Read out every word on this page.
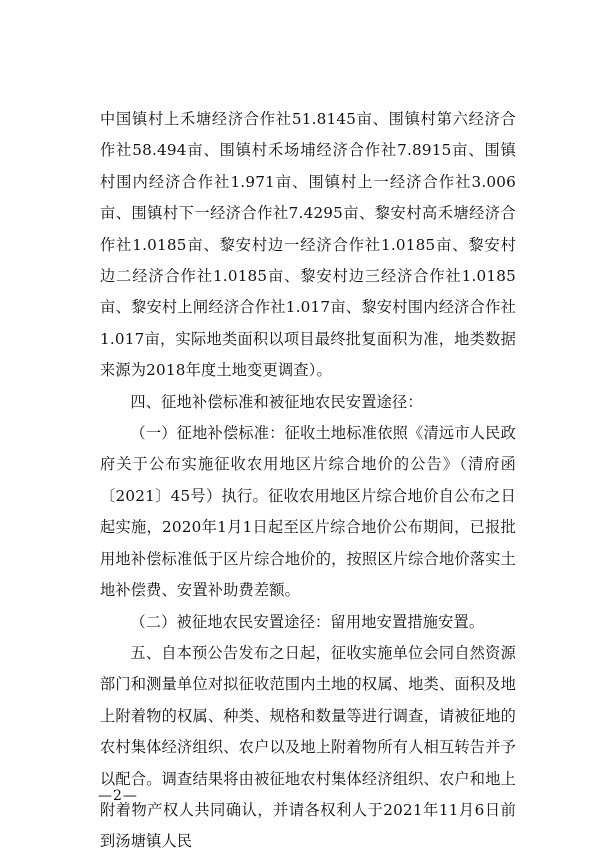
中国镇村上禾塘经济合作社51.8145亩、围镇村第六经济合作社58.494亩、围镇村禾场埔经济合作社7.8915亩、围镇村围内经济合作社1.971亩、围镇村上一经济合作社3.006亩、围镇村下一经济合作社7.4295亩、黎安村高禾塘经济合作社1.0185亩、黎安村边一经济合作社1.0185亩、黎安村边二经济合作社1.0185亩、黎安村边三经济合作社1.0185亩、黎安村上闸经济合作社1.017亩、黎安村围内经济合作社1.017亩，实际地类面积以项目最终批复面积为准，地类数据来源为2018年度土地变更调查）。

四、征地补偿标准和被征地农民安置途径：

（一）征地补偿标准：征收土地标准依照《清远市人民政府关于公布实施征收农用地区片综合地价的公告》（清府函〔2021〕45号）执行。征收农用地区片综合地价自公布之日起实施，2020年1月1日起至区片综合地价公布期间，已报批用地补偿标准低于区片综合地价的，按照区片综合地价落实土地补偿费、安置补助费差额。

（二）被征地农民安置途径：留用地安置措施安置。

五、自本预公告发布之日起，征收实施单位会同自然资源部门和测量单位对拟征收范围内土地的权属、地类、面积及地上附着物的权属、种类、规格和数量等进行调查，请被征地的农村集体经济组织、农户以及地上附着物所有人相互转告并予以配合。调查结果将由被征地农村集体经济组织、农户和地上附着物产权人共同确认，并请各权利人于2021年11月6日前到汤塘镇人民

—2—
